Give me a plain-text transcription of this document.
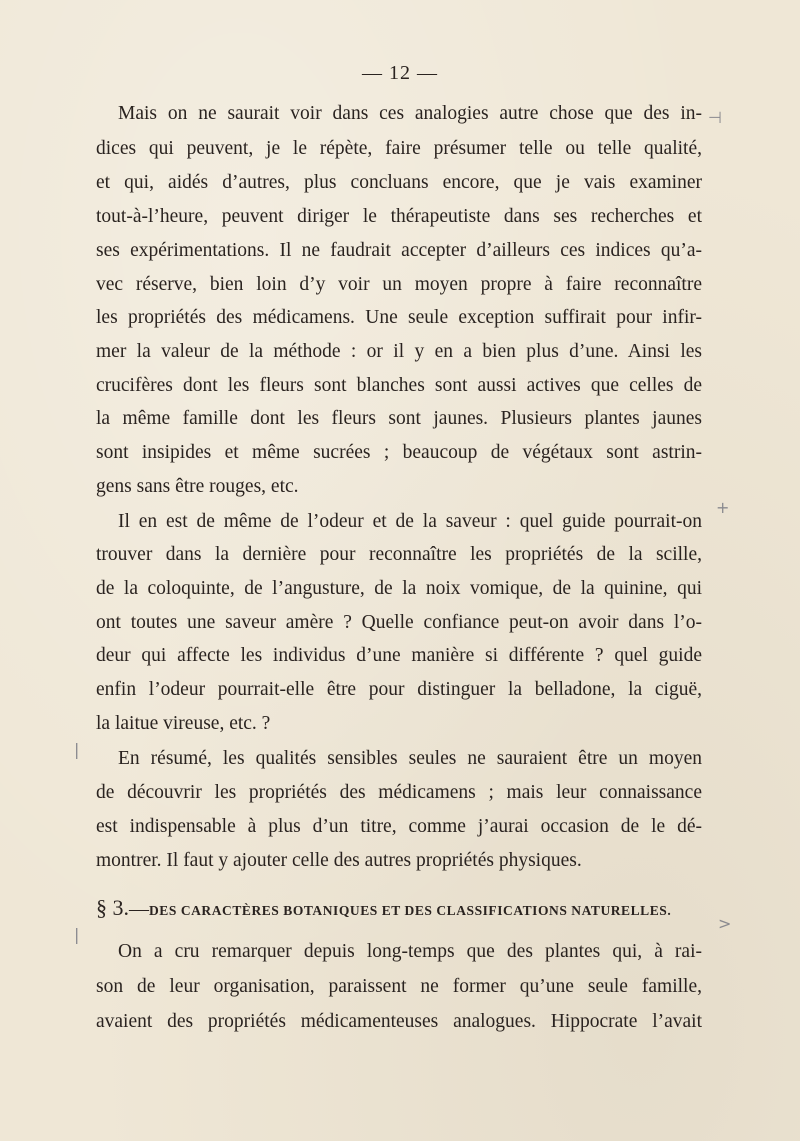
— 12 —
Mais on ne saurait voir dans ces analogies autre chose que des in-
dices qui peuvent, je le répète, faire présumer telle ou telle qualité,
et qui, aidés d’autres, plus concluans encore, que je vais examiner
tout-à-l’heure, peuvent diriger le thérapeutiste dans ses recherches et
ses expérimentations. Il ne faudrait accepter d’ailleurs ces indices qu’a-
vec réserve, bien loin d’y voir un moyen propre à faire reconnaître
les propriétés des médicamens. Une seule exception suffirait pour infir-
mer la valeur de la méthode : or il y en a bien plus d’une. Ainsi les
crucifères dont les fleurs sont blanches sont aussi actives que celles de
la même famille dont les fleurs sont jaunes. Plusieurs plantes jaunes
sont insipides et même sucrées ; beaucoup de végétaux sont astrin-
gens sans être rouges, etc.
Il en est de même de l’odeur et de la saveur : quel guide pourrait-on
trouver dans la dernière pour reconnaître les propriétés de la scille,
de la coloquinte, de l’angusture, de la noix vomique, de la quinine, qui
ont toutes une saveur amère ? Quelle confiance peut-on avoir dans l’o-
deur qui affecte les individus d’une manière si différente ? quel guide
enfin l’odeur pourrait-elle être pour distinguer la belladone, la ciguë,
la laitue vireuse, etc. ?
En résumé, les qualités sensibles seules ne sauraient être un moyen
de découvrir les propriétés des médicamens ; mais leur connaissance
est indispensable à plus d’un titre, comme j’aurai occasion de le dé-
montrer. Il faut y ajouter celle des autres propriétés physiques.
§ 3.—DES CARACTÈRES BOTANIQUES ET DES CLASSIFICATIONS NATURELLES.
On a cru remarquer depuis long-temps que des plantes qui, à rai-
son de leur organisation, paraissent ne former qu’une seule famille,
avaient des propriétés médicamenteuses analogues. Hippocrate l’avait
⊣
+
|
|
>
